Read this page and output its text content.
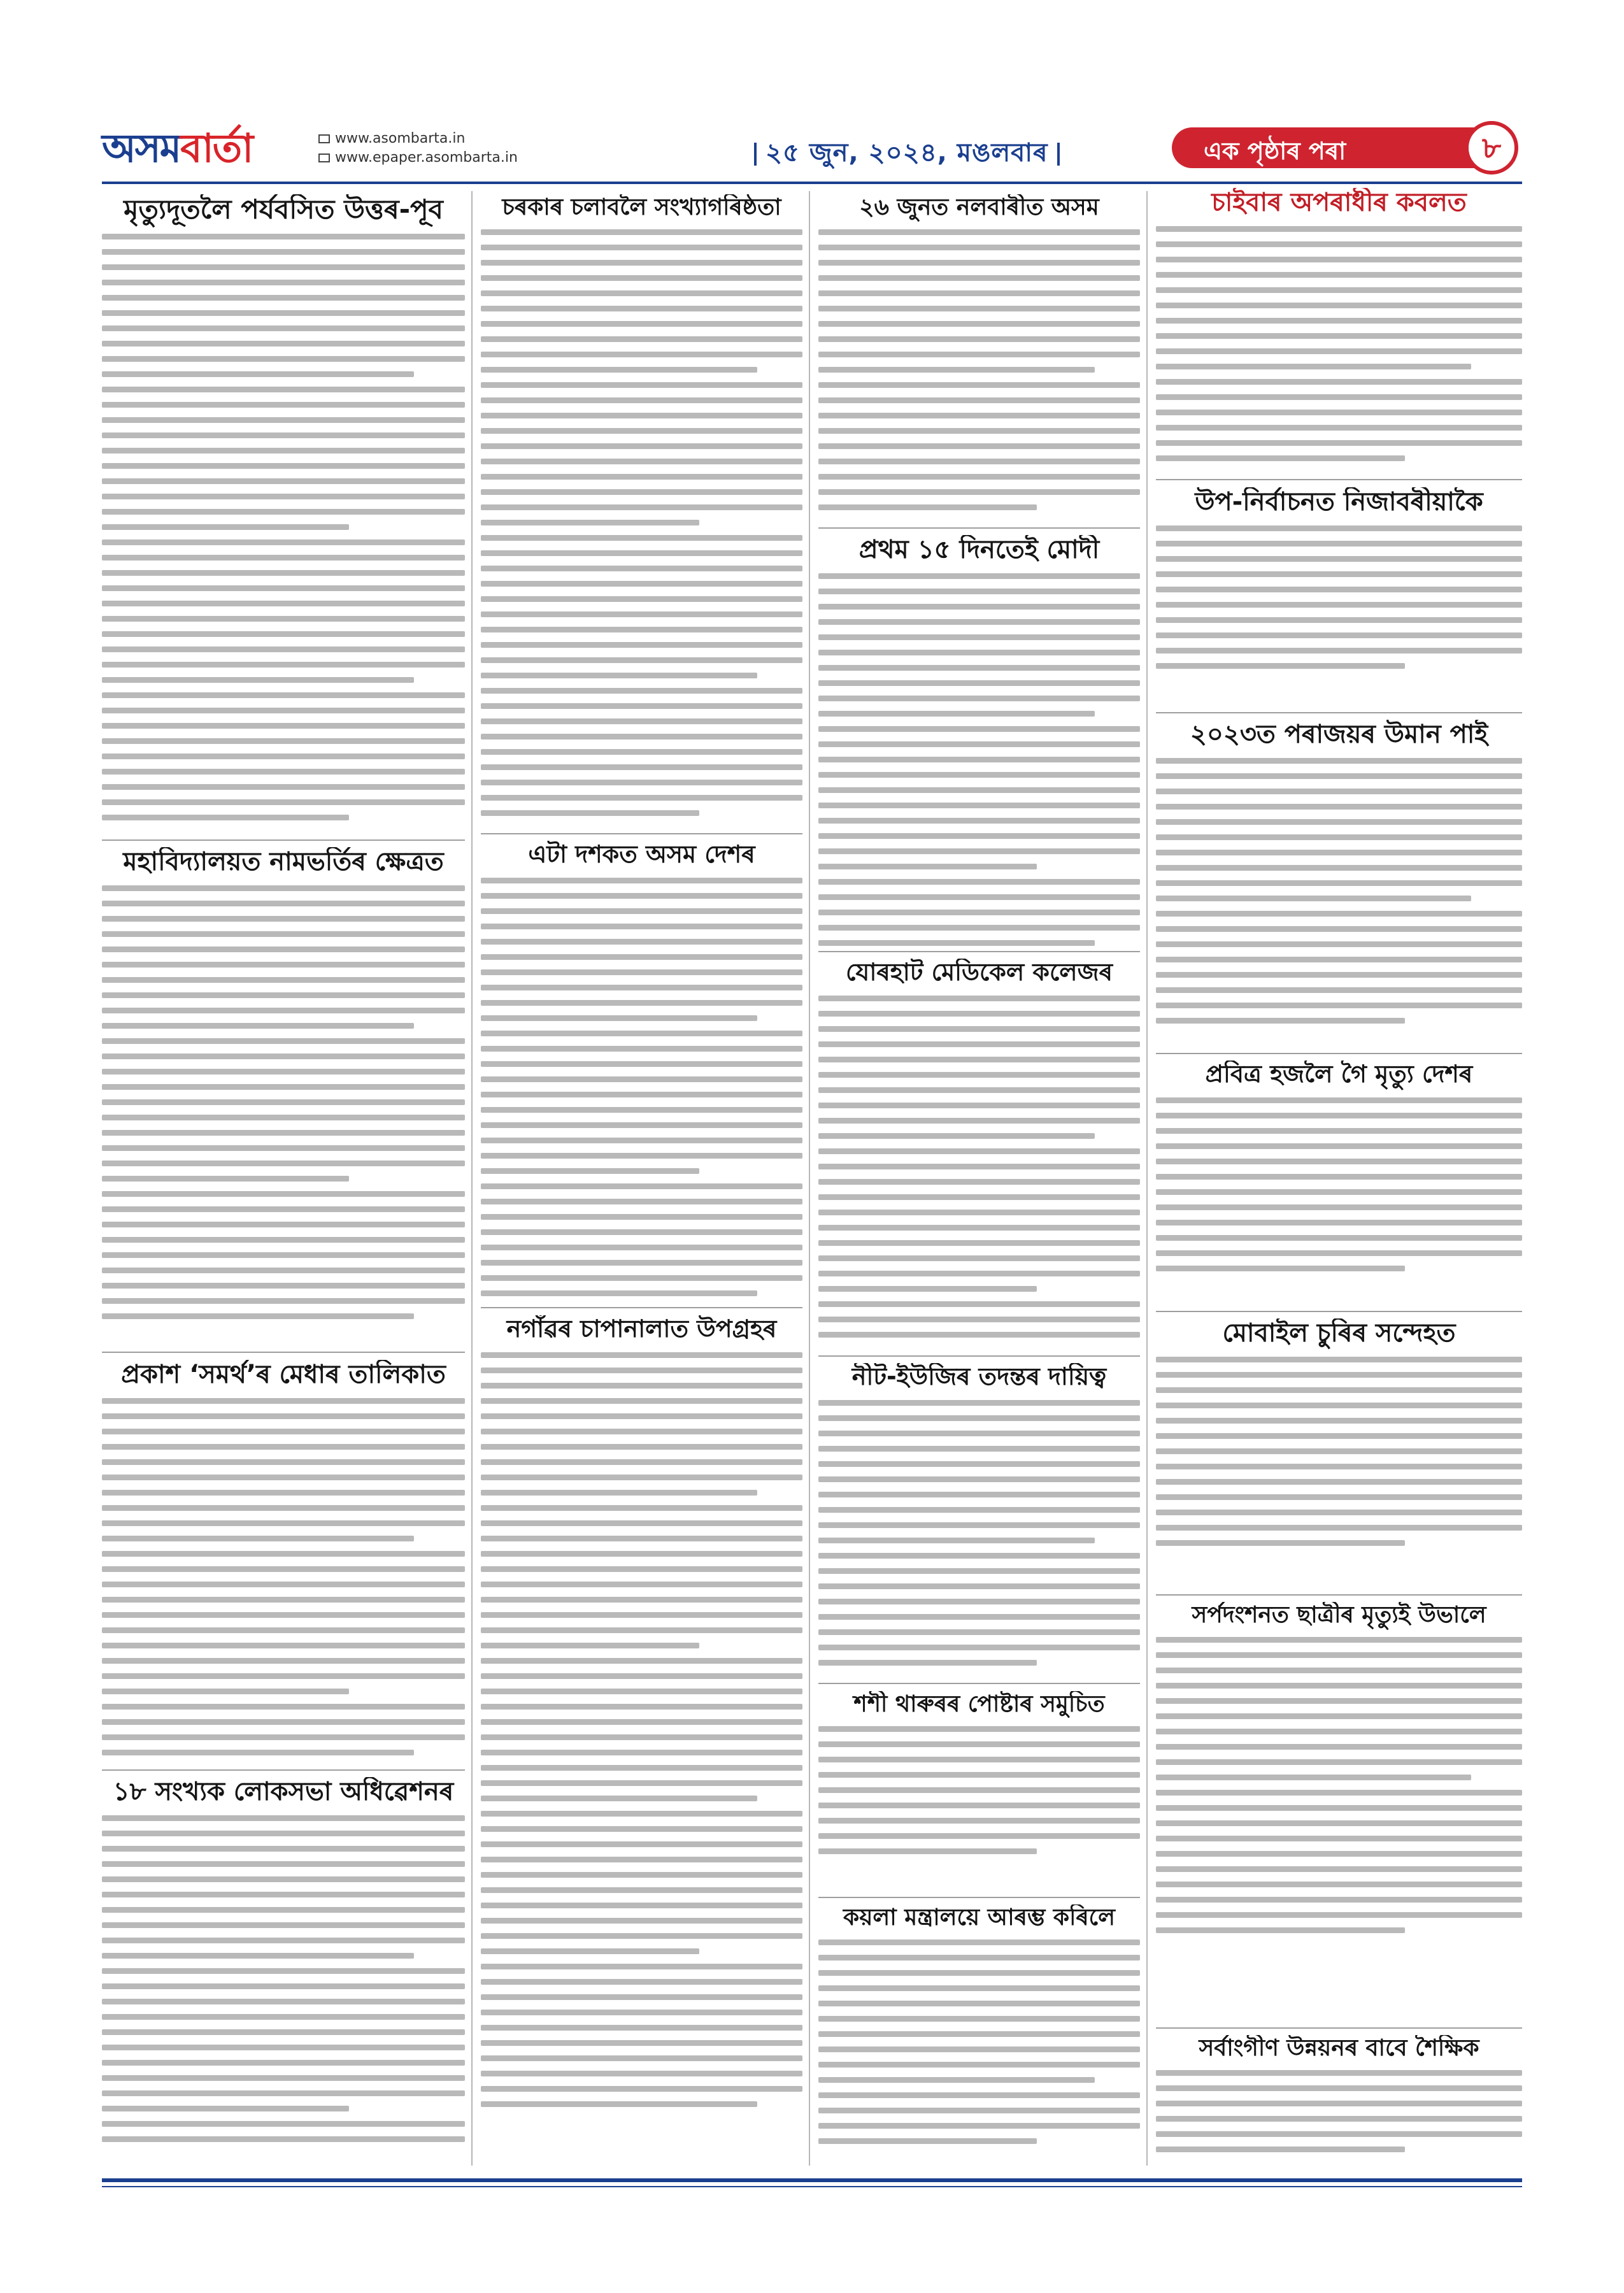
অসম বাৰ্তা	www.asombarta.in
www.epaper.asombarta.in	২৫ জুন, ২০২৪, মঙলবাৰ	এক পৃষ্ঠাৰ পৰা	৮
মৃত্যুদূতলৈ পৰ্যবসিত উত্তৰ-পূব
মহাবিদ্যালয়ত নামভৰ্তিৰ ক্ষেত্ৰত
প্ৰকাশ ‘সমৰ্থ’ৰ মেধাৰ তালিকাত
১৮ সংখ্যক লোকসভা অধিৱেশনৰ
চৰকাৰ চলাবলৈ সংখ্যাগৰিষ্ঠতা
এটা দশকত অসম দেশৰ
নগাঁৱৰ চাপানালাত উপগ্ৰহৰ
২৬ জুনত নলবাৰীত অসম
প্ৰথম ১৫ দিনতেই মোদী
যোৰহাট মেডিকেল কলেজৰ
নীট-ইউজিৰ তদন্তৰ দায়িত্ব
শশী থাৰুৰৰ পোষ্টাৰ সমুচিত
কয়লা মন্ত্ৰালয়ে আৰম্ভ কৰিলে
চাইবাৰ অপৰাধীৰ কবলত
উপ-নিৰ্বাচনত নিজাবৰীয়াকৈ
২০২৩ত পৰাজয়ৰ উমান পাই
প্ৰবিত্ৰ হজলৈ গৈ মৃত্যু দেশৰ
মোবাইল চুৰিৰ সন্দেহত
সৰ্পদংশনত ছাত্ৰীৰ মৃত্যুই উভালে
সৰ্বাংগীণ উন্নয়নৰ বাবে শৈক্ষিক
